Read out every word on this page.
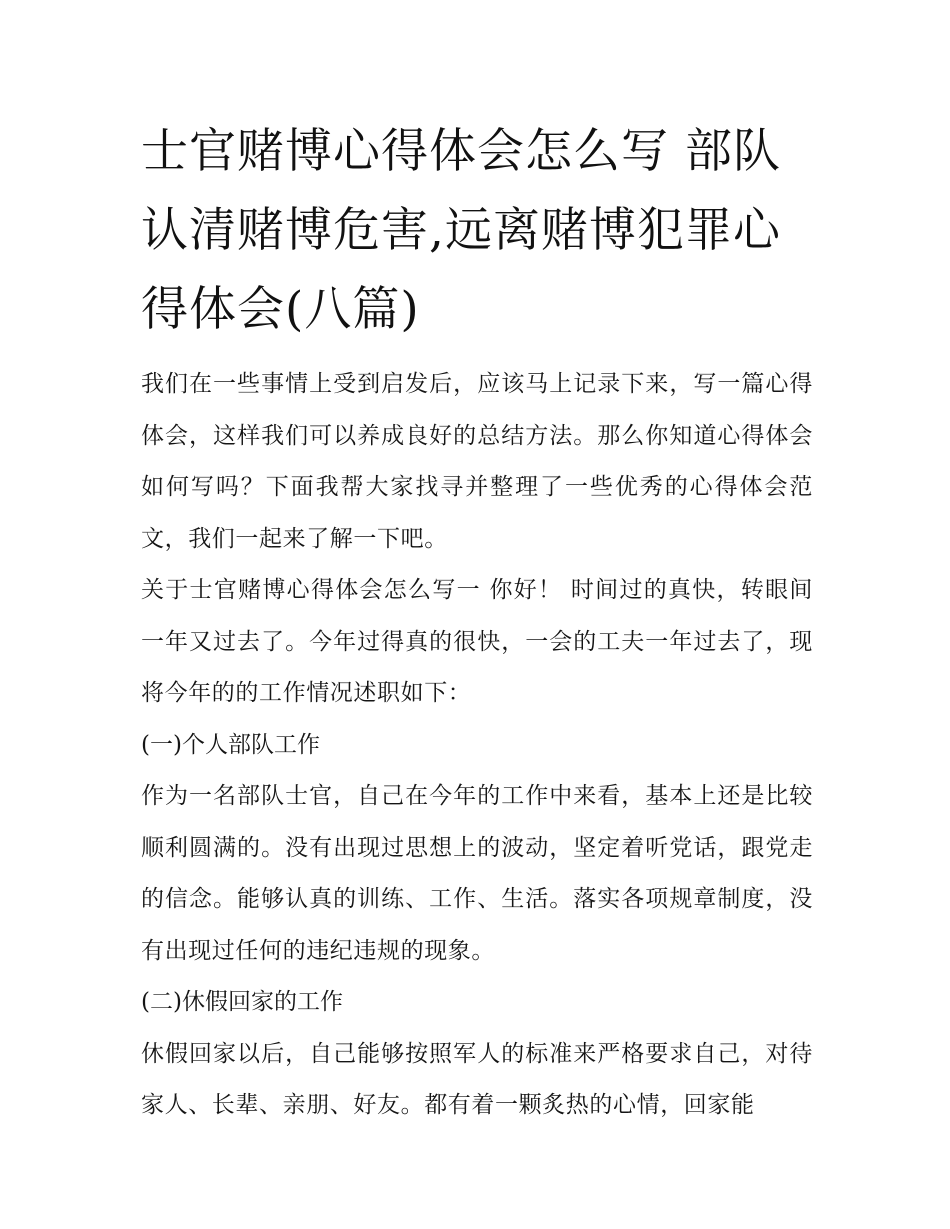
士官赌博心得体会怎么写 部队认清赌博危害,远离赌博犯罪心得体会(八篇)

我们在一些事情上受到启发后，应该马上记录下来，写一篇心得体会，这样我们可以养成良好的总结方法。那么你知道心得体会如何写吗？下面我帮大家找寻并整理了一些优秀的心得体会范文，我们一起来了解一下吧。

关于士官赌博心得体会怎么写一 你好！ 时间过的真快，转眼间一年又过去了。今年过得真的很快，一会的工夫一年过去了，现将今年的的工作情况述职如下：

(一)个人部队工作

作为一名部队士官，自己在今年的工作中来看，基本上还是比较顺利圆满的。没有出现过思想上的波动，坚定着听党话，跟党走的信念。能够认真的训练、工作、生活。落实各项规章制度，没有出现过任何的违纪违规的现象。

(二)休假回家的工作

休假回家以后，自己能够按照军人的标准来严格要求自己，对待家人、长辈、亲朋、好友。都有着一颗炙热的心情，回家能
